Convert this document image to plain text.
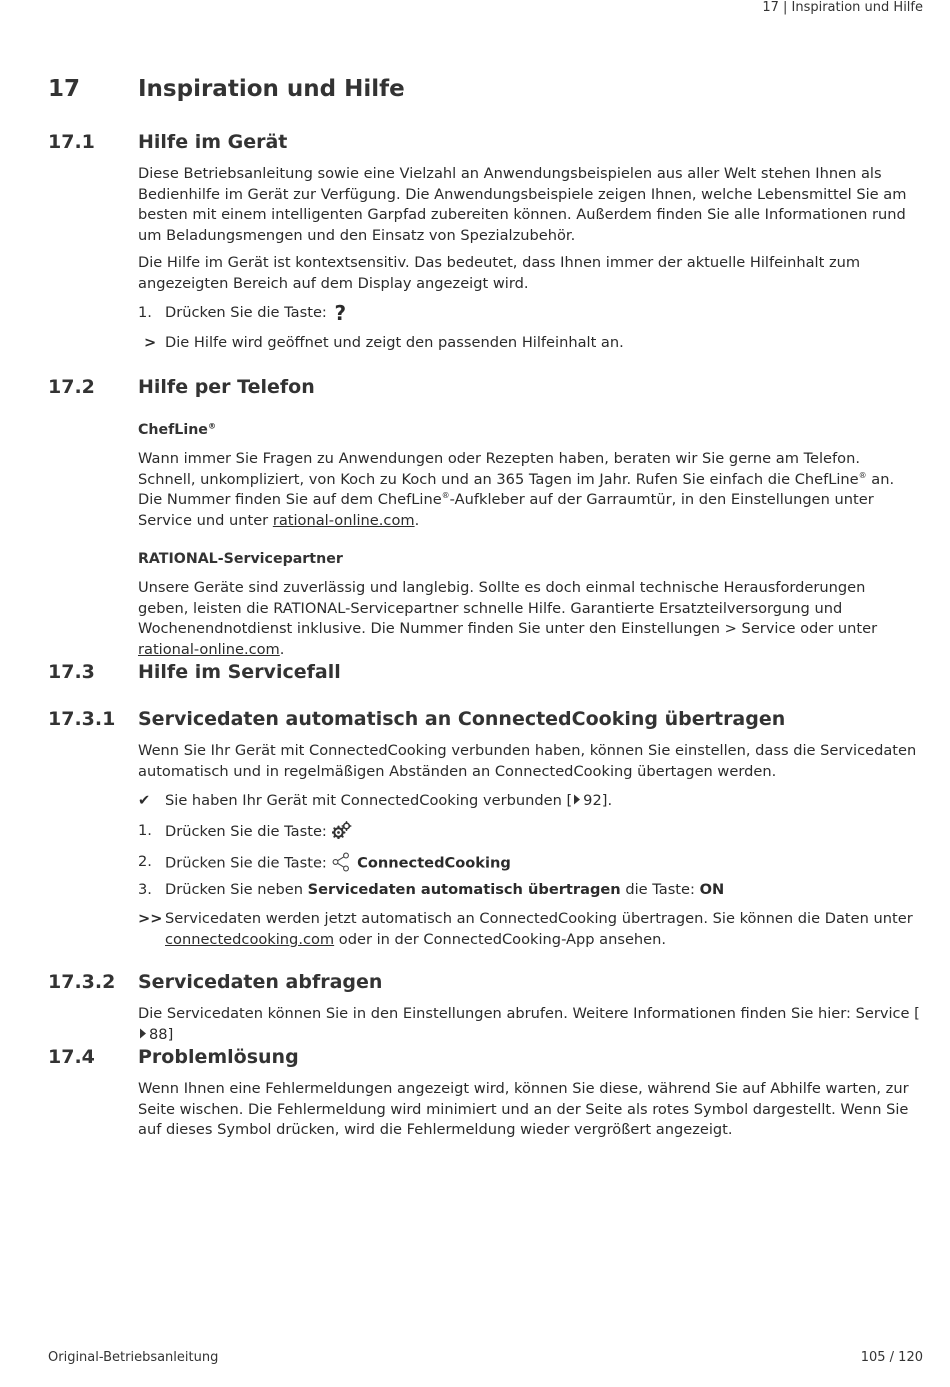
17 | Inspiration und Hilfe
17	Inspiration und Hilfe
17.1 Hilfe im Gerät

Diese Betriebsanleitung sowie eine Vielzahl an Anwendungsbeispielen aus aller Welt stehen Ihnen als Bedienhilfe im Gerät zur Verfügung. Die Anwendungsbeispiele zeigen Ihnen, welche Lebensmittel Sie am besten mit einem intelligenten Garpfad zubereiten können. Außerdem finden Sie alle Informationen rund um Beladungsmengen und den Einsatz von Spezialzubehör.

Die Hilfe im Gerät ist kontextsensitiv. Das bedeutet, dass Ihnen immer der aktuelle Hilfeinhalt zum angezeigten Bereich auf dem Display angezeigt wird.

1. Drücken Sie die Taste: ?
> Die Hilfe wird geöffnet und zeigt den passenden Hilfeinhalt an.
17.2 Hilfe per Telefon
ChefLine®

Wann immer Sie Fragen zu Anwendungen oder Rezepten haben, beraten wir Sie gerne am Telefon. Schnell, unkompliziert, von Koch zu Koch und an 365 Tagen im Jahr. Rufen Sie einfach die ChefLine® an. Die Nummer finden Sie auf dem ChefLine®-Aufkleber auf der Garraumtür, in den Einstellungen unter Service und unter rational-online.com.

RATIONAL-Servicepartner

Unsere Geräte sind zuverlässig und langlebig. Sollte es doch einmal technische Herausforderungen geben, leisten die RATIONAL-Servicepartner schnelle Hilfe. Garantierte Ersatzteilversorgung und Wochenendnotdienst inklusive. Die Nummer finden Sie unter den Einstellungen > Service oder unter rational-online.com.

17.3 Hilfe im Servicefall
17.3.1 Servicedaten automatisch an ConnectedCooking übertragen

Wenn Sie Ihr Gerät mit ConnectedCooking verbunden haben, können Sie einstellen, dass die Servicedaten automatisch und in regelmäßigen Abständen an ConnectedCooking übertagen werden.

✔ Sie haben Ihr Gerät mit ConnectedCooking verbunden [ 92].
1. Drücken Sie die Taste:
2. Drücken Sie die Taste: ConnectedCooking
3. Drücken Sie neben Servicedaten automatisch übertragen die Taste: ON
>> Servicedaten werden jetzt automatisch an ConnectedCooking übertragen. Sie können die Daten unter connectedcooking.com oder in der ConnectedCooking-App ansehen.
17.3.2 Servicedaten abfragen

Die Servicedaten können Sie in den Einstellungen abrufen. Weitere Informationen finden Sie hier: Service [88]

17.4 Problemlösung

Wenn Ihnen eine Fehlermeldungen angezeigt wird, können Sie diese, während Sie auf Abhilfe warten, zur Seite wischen. Die Fehlermeldung wird minimiert und an der Seite als rotes Symbol dargestellt. Wenn Sie auf dieses Symbol drücken, wird die Fehlermeldung wieder vergrößert angezeigt.

Original-Betriebsanleitung	105 / 120
